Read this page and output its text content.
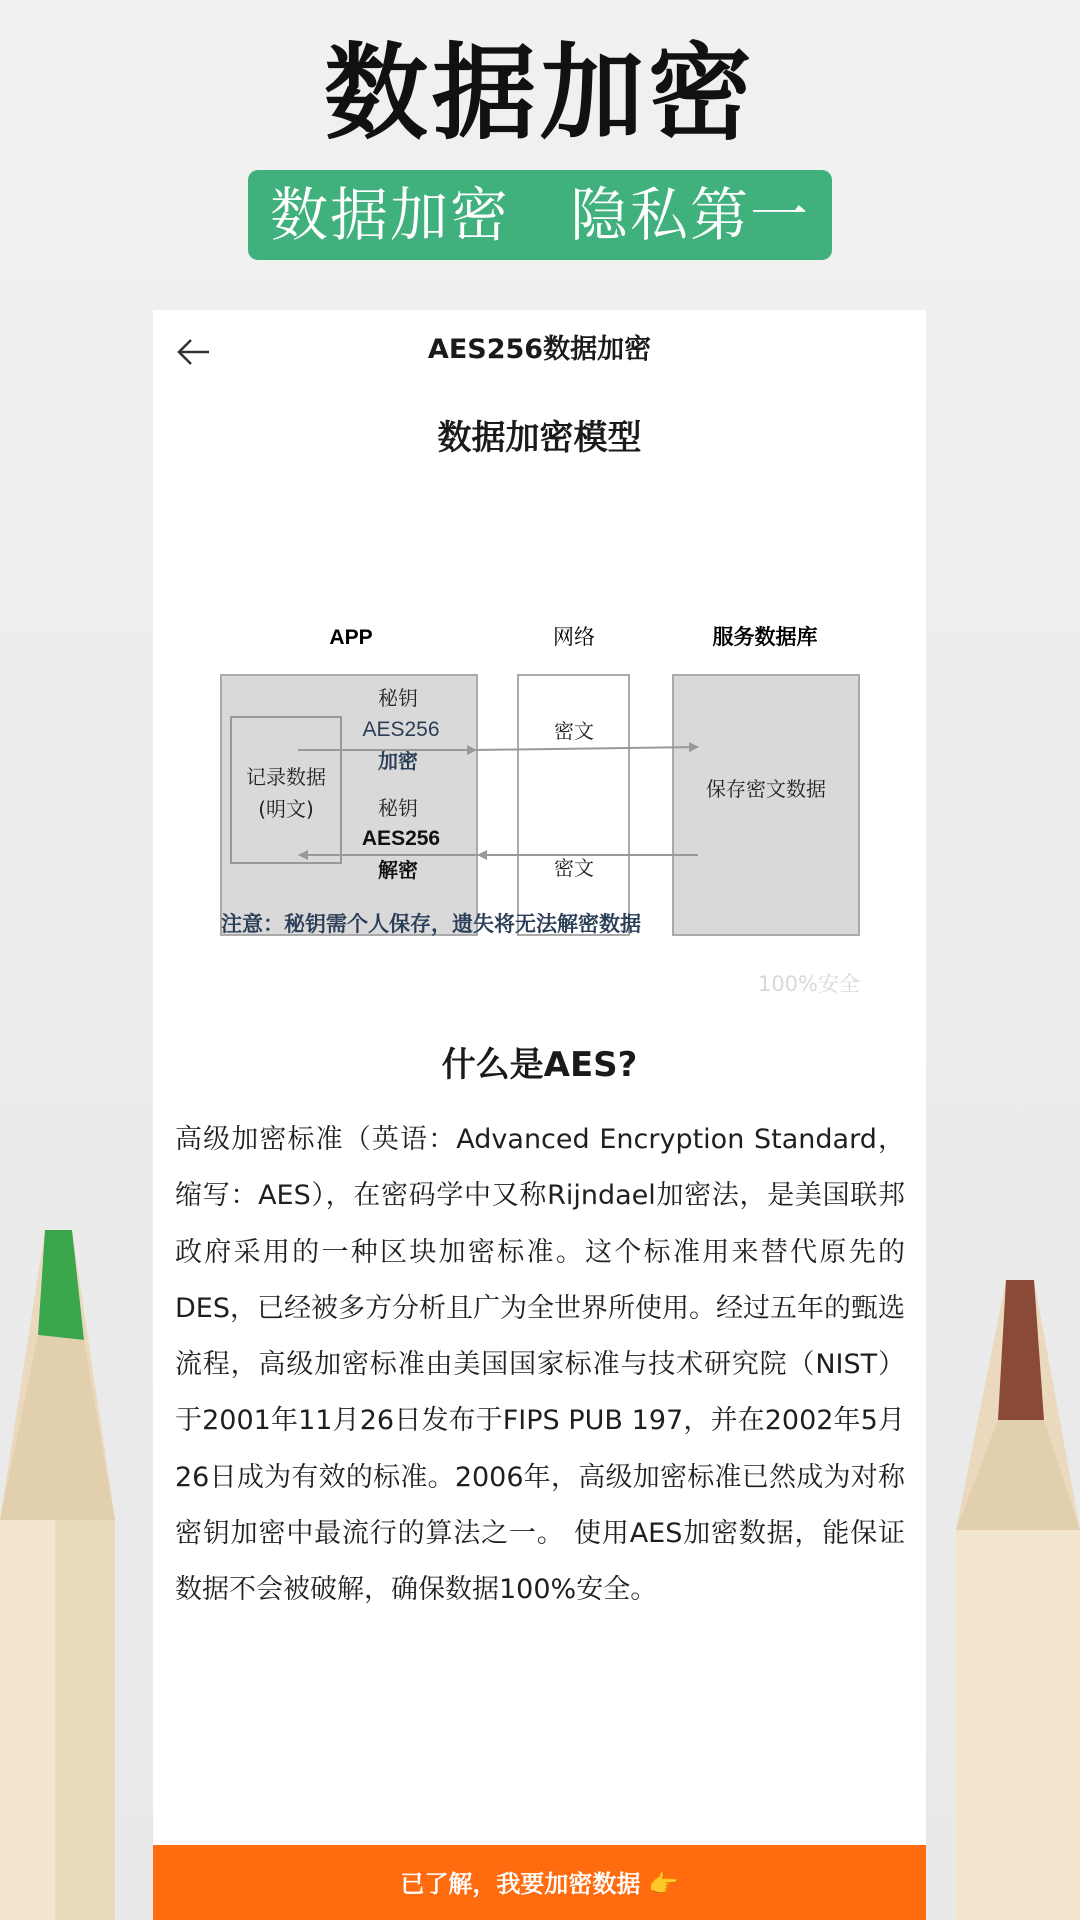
数据加密
数据加密　隐私第一
AES256数据加密
数据加密模型
APP	网络	服务数据库
记录数据
(明文)
秘钥
AES256
加密
秘钥
AES256
解密
密文
密文
保存密文数据
注意：秘钥需个人保存，遗失将无法解密数据
100%安全
什么是AES?
高级加密标准（英语：Advanced Encryption Standard，缩写：AES），在密码学中又称Rijndael加密法，是美国联邦政府采用的一种区块加密标准。这个标准用来替代原先的DES，已经被多方分析且广为全世界所使用。经过五年的甄选流程，高级加密标准由美国国家标准与技术研究院（NIST）于2001年11月26日发布于FIPS PUB 197，并在2002年5月26日成为有效的标准。2006年，高级加密标准已然成为对称密钥加密中最流行的算法之一。 使用AES加密数据，能保证数据不会被破解，确保数据100%安全。
已了解，我要加密数据 👉
